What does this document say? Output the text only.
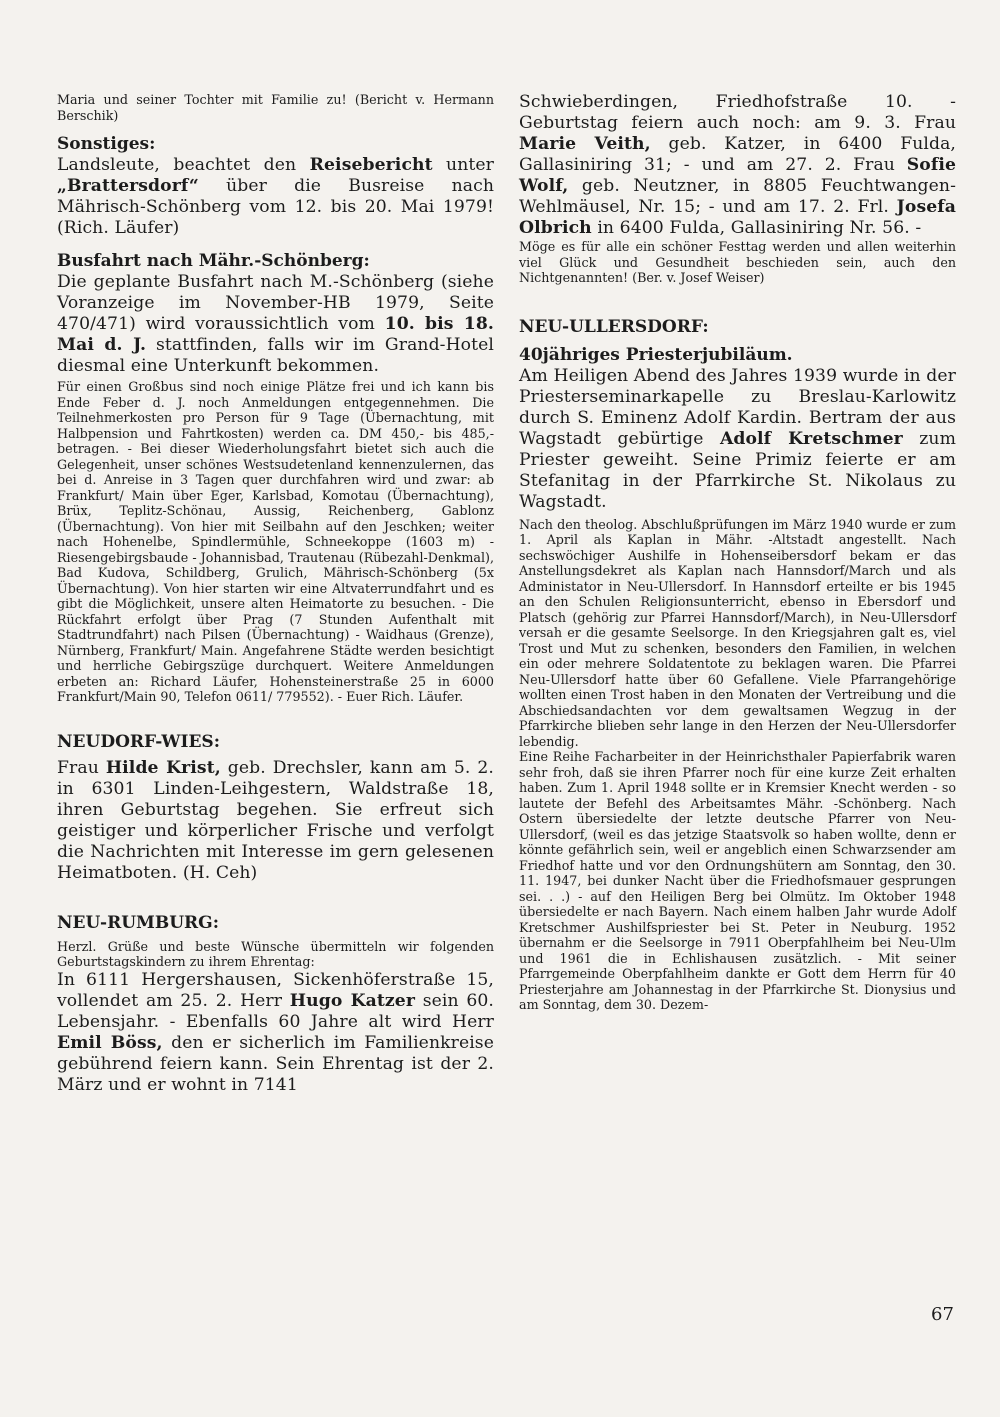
Maria und seiner Tochter mit Familie zu! (Bericht v. Hermann Berschik)

Sonstiges:

Landsleute, beachtet den Reisebericht unter „Brattersdorf“ über die Busreise nach Mährisch-Schönberg vom 12. bis 20. Mai 1979! (Rich. Läufer)

Busfahrt nach Mähr.-Schönberg:

Die geplante Busfahrt nach M.-Schönberg (siehe Voranzeige im November-HB 1979, Seite 470/471) wird voraussichtlich vom 10. bis 18. Mai d. J. stattfinden, falls wir im Grand-Hotel diesmal eine Unterkunft bekommen.

Für einen Großbus sind noch einige Plätze frei und ich kann bis Ende Feber d. J. noch Anmeldungen entgegennehmen. Die Teilnehmerkosten pro Person für 9 Tage (Übernachtung, mit Halbpension und Fahrtkosten) werden ca. DM 450,- bis 485,- betragen. - Bei dieser Wiederholungsfahrt bietet sich auch die Gelegenheit, unser schönes Westsudetenland kennenzulernen, das bei d. Anreise in 3 Tagen quer durchfahren wird und zwar: ab Frankfurt/ Main über Eger, Karlsbad, Komotau (Übernachtung), Brüx, Teplitz-Schönau, Aussig, Reichenberg, Gablonz (Übernachtung). Von hier mit Seilbahn auf den Jeschken; weiter nach Hohenelbe, Spindlermühle, Schneekoppe (1603 m) - Riesengebirgsbaude - Johannisbad, Trautenau (Rübezahl-Denkmal), Bad Kudova, Schildberg, Grulich, Mährisch-Schönberg (5x Übernachtung). Von hier starten wir eine Altvaterrundfahrt und es gibt die Möglichkeit, unsere alten Heimatorte zu besuchen. - Die Rückfahrt erfolgt über Prag (7 Stunden Aufenthalt mit Stadtrundfahrt) nach Pilsen (Übernachtung) - Waidhaus (Grenze), Nürnberg, Frankfurt/ Main. Angefahrene Städte werden besichtigt und herrliche Gebirgszüge durchquert. Weitere Anmeldungen erbeten an: Richard Läufer, Hohensteinerstraße 25 in 6000 Frankfurt/Main 90, Telefon 0611/ 779552). - Euer Rich. Läufer.

NEUDORF-WIES:

Frau Hilde Krist, geb. Drechsler, kann am 5. 2. in 6301 Linden-Leihgestern, Waldstraße 18, ihren Geburtstag begehen. Sie erfreut sich geistiger und körperlicher Frische und verfolgt die Nachrichten mit Interesse im gern gelesenen Heimatboten. (H. Ceh)

NEU-RUMBURG:

Herzl. Grüße und beste Wünsche übermitteln wir folgenden Geburtstagskindern zu ihrem Ehrentag:

In 6111 Hergershausen, Sickenhöferstraße 15, vollendet am 25. 2. Herr Hugo Katzer sein 60. Lebensjahr. - Ebenfalls 60 Jahre alt wird Herr Emil Böss, den er sicherlich im Familienkreise gebührend feiern kann. Sein Ehrentag ist der 2. März und er wohnt in 7141

Schwieberdingen, Friedhofstraße 10. - Geburtstag feiern auch noch: am 9. 3. Frau Marie Veith, geb. Katzer, in 6400 Fulda, Gallasiniring 31; - und am 27. 2. Frau Sofie Wolf, geb. Neutzner, in 8805 Feuchtwangen-Wehlmäusel, Nr. 15; - und am 17. 2. Frl. Josefa Olbrich in 6400 Fulda, Gallasiniring Nr. 56. -

Möge es für alle ein schöner Festtag werden und allen weiterhin viel Glück und Gesundheit beschieden sein, auch den Nichtgenannten! (Ber. v. Josef Weiser)

NEU-ULLERSDORF:

40jähriges Priesterjubiläum.

Am Heiligen Abend des Jahres 1939 wurde in der Priesterseminarkapelle zu Breslau-Karlowitz durch S. Eminenz Adolf Kardin. Bertram der aus Wagstadt gebürtige Adolf Kretschmer zum Priester geweiht. Seine Primiz feierte er am Stefanitag in der Pfarrkirche St. Nikolaus zu Wagstadt.

Nach den theolog. Abschlußprüfungen im März 1940 wurde er zum 1. April als Kaplan in Mähr. -Altstadt angestellt. Nach sechswöchiger Aushilfe in Hohenseibersdorf bekam er das Anstellungsdekret als Kaplan nach Hannsdorf/March und als Administator in Neu-Ullersdorf. In Hannsdorf erteilte er bis 1945 an den Schulen Religionsunterricht, ebenso in Ebersdorf und Platsch (gehörig zur Pfarrei Hannsdorf/March), in Neu-Ullersdorf versah er die gesamte Seelsorge. In den Kriegsjahren galt es, viel Trost und Mut zu schenken, besonders den Familien, in welchen ein oder mehrere Soldatentote zu beklagen waren. Die Pfarrei Neu-Ullersdorf hatte über 60 Gefallene. Viele Pfarrangehörige wollten einen Trost haben in den Monaten der Vertreibung und die Abschiedsandachten vor dem gewaltsamen Wegzug in der Pfarrkirche blieben sehr lange in den Herzen der Neu-Ullersdorfer lebendig.

Eine Reihe Facharbeiter in der Heinrichsthaler Papierfabrik waren sehr froh, daß sie ihren Pfarrer noch für eine kurze Zeit erhalten haben. Zum 1. April 1948 sollte er in Kremsier Knecht werden - so lautete der Befehl des Arbeitsamtes Mähr. -Schönberg. Nach Ostern übersiedelte der letzte deutsche Pfarrer von Neu-Ullersdorf, (weil es das jetzige Staatsvolk so haben wollte, denn er könnte gefährlich sein, weil er angeblich einen Schwarzsender am Friedhof hatte und vor den Ordnungshütern am Sonntag, den 30. 11. 1947, bei dunker Nacht über die Friedhofsmauer gesprungen sei. . .) - auf den Heiligen Berg bei Olmütz. Im Oktober 1948 übersiedelte er nach Bayern. Nach einem halben Jahr wurde Adolf Kretschmer Aushilfspriester bei St. Peter in Neuburg. 1952 übernahm er die Seelsorge in 7911 Oberpfahlheim bei Neu-Ulm und 1961 die in Echlishausen zusätzlich. - Mit seiner Pfarrgemeinde Oberpfahlheim dankte er Gott dem Herrn für 40 Priesterjahre am Johannestag in der Pfarrkirche St. Dionysius und am Sonntag, dem 30. Dezem-

67
